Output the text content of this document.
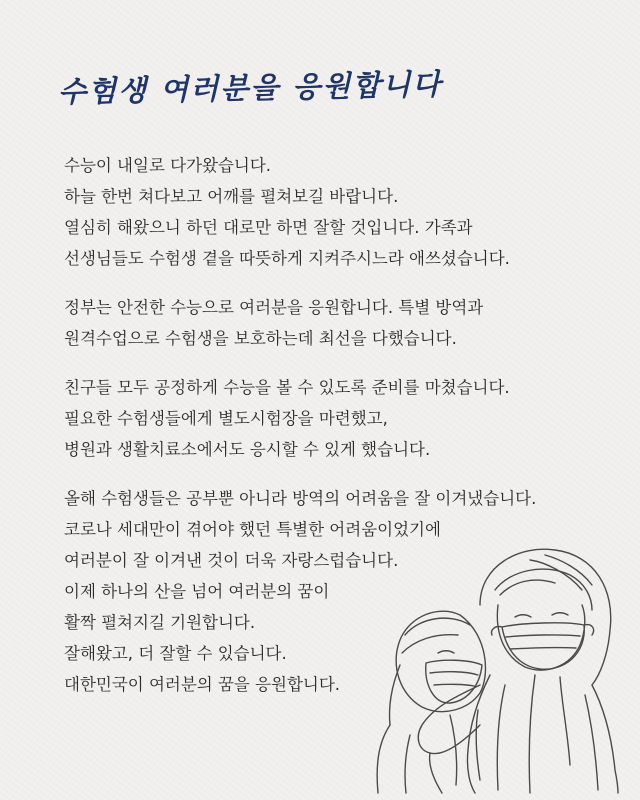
수험생 여러분을 응원합니다
수능이 내일로 다가왔습니다.
하늘 한번 쳐다보고 어깨를 펼쳐보길 바랍니다.
열심히 해왔으니 하던 대로만 하면 잘할 것입니다. 가족과
선생님들도 수험생 곁을 따뜻하게 지켜주시느라 애쓰셨습니다.
정부는 안전한 수능으로 여러분을 응원합니다. 특별 방역과
원격수업으로 수험생을 보호하는데 최선을 다했습니다.
친구들 모두 공정하게 수능을 볼 수 있도록 준비를 마쳤습니다.
필요한 수험생들에게 별도시험장을 마련했고,
병원과 생활치료소에서도 응시할 수 있게 했습니다.
올해 수험생들은 공부뿐 아니라 방역의 어려움을 잘 이겨냈습니다.
코로나 세대만이 겪어야 했던 특별한 어려움이었기에
여러분이 잘 이겨낸 것이 더욱 자랑스럽습니다.
이제 하나의 산을 넘어 여러분의 꿈이
활짝 펼쳐지길 기원합니다.
잘해왔고, 더 잘할 수 있습니다.
대한민국이 여러분의 꿈을 응원합니다.
